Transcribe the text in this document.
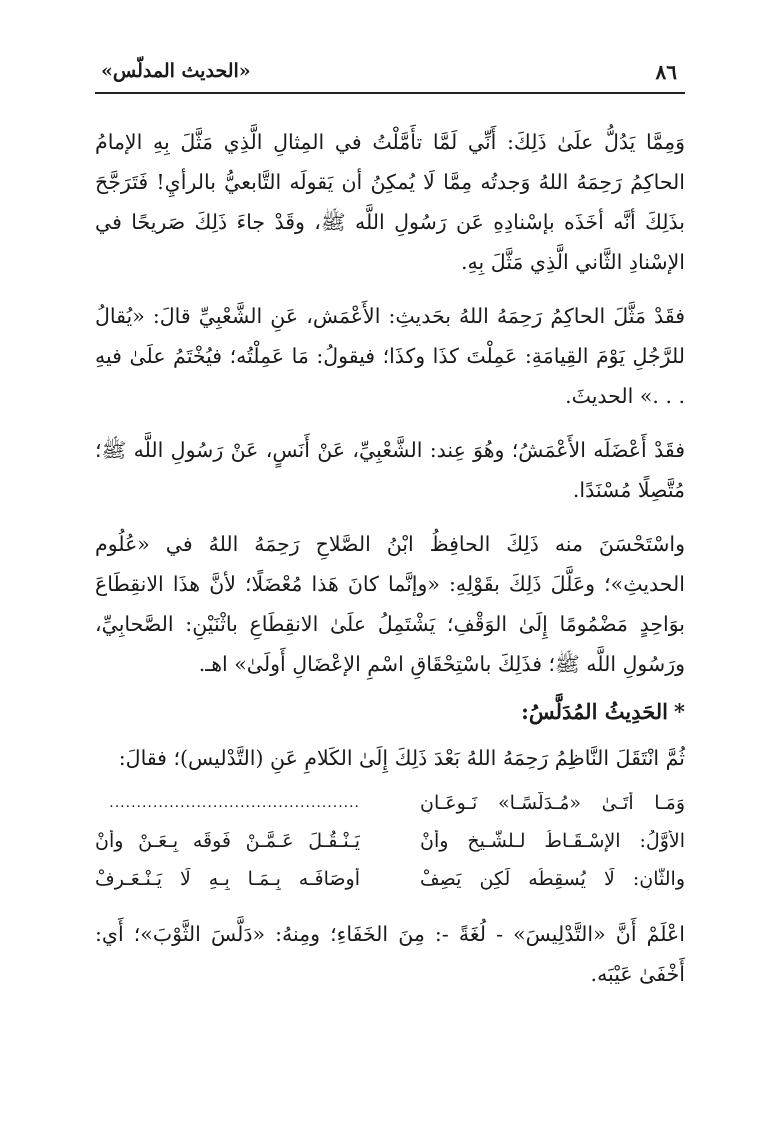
٨٦
«الحديث المدلّس»

وَمِمَّا يَدُلُّ علَىٰ ذَلِكَ: أَنِّي لَمَّا تأَمَّلْتُ في المِثالِ الَّذِي مَثَّلَ بِهِ الإمامُ الحاكِمُ رَحِمَهُ اللهُ وَجدتُه مِمَّا لَا يُمكِنُ أن يَقولَه التَّابعيُّ بالرأيِ! فَتَرَجَّحَ بذَلِكَ أنَّه أخَذَه بإسْنادِهِ عَن رَسُولِ اللَّه ﷺ، وقَدْ جاءَ ذَلِكَ صَريحًا في الإسْنادِ الثَّاني الَّذِي مَثَّلَ بِهِ.

فقَدْ مَثَّلَ الحاكِمُ رَحِمَهُ اللهُ بحَديثِ: الأَعْمَش، عَنِ الشَّعْبِيِّ قالَ: «يُقالُ للرَّجُلِ يَوْمَ القِيامَةِ: عَمِلْتَ كذَا وكذَا؛ فيقولُ: مَا عَمِلْتُه؛ فيُخْتَمُ علَىٰ فيهِ . . .» الحديثَ.

فقَدْ أَعْضَلَه الأَعْمَشُ؛ وهُوَ عِند: الشَّعْبِيِّ، عَنْ أَنَسٍ، عَنْ رَسُولِ اللَّه ﷺ؛ مُتَّصِلًا مُسْنَدًا.

واسْتَحْسَنَ منه ذَلِكَ الحافِظُ ابْنُ الصَّلاحِ رَحِمَهُ اللهُ في «عُلُوم الحديثِ»؛ وعَلَّلَ ذَلِكَ بقَوْلِهِ: «وإنَّما كانَ هَذا مُعْضَلًا؛ لأنَّ هذَا الانقِطَاعَ بوَاحِدٍ مَضْمُومًا إِلَىٰ الوَقْفِ؛ يَشْتَمِلُ علَىٰ الانقِطَاعِ باثْنَيْنِ: الصَّحابِيِّ، ورَسُولِ اللَّه ﷺ؛ فذَلِكَ باسْتِحْقَاقِ اسْمِ الإعْضَالِ أَولَىٰ» اهـ.

*الحَدِيثُ المُدَلَّسُ:

ثُمَّ انْتَقَلَ النَّاظِمُ رَحِمَهُ اللهُ بَعْدَ ذَلِكَ إِلَىٰ الكَلامِ عَنِ (التَّدْليس)؛ فقالَ:

وَمَـا أَتَـىٰ «مُـدَلَّسًـا» نَـوعَـانِ
..............................................
الأَوَّلُ: الإسْـقَـاطُ لـلشَّـيخ وأَنْ
يَـنْـقُـلَ عَـمَّـنْ فَوقَه بِـعَـنْ وأَنْ
والثَّانِ: لَا يُسقِطُه لَكِن يَصِفْ
أَوصَافَـه بِـمَـا بِـهِ لَا يَـنْـعَـرِفْ

اعْلَمْ أَنَّ «التَّدْلِيسَ» - لُغَةً -: مِنَ الخَفَاءِ؛ ومِنهُ: «دَلَّسَ الثَّوْبَ»؛ أَي: أَخْفَىٰ عَيْبَه.
